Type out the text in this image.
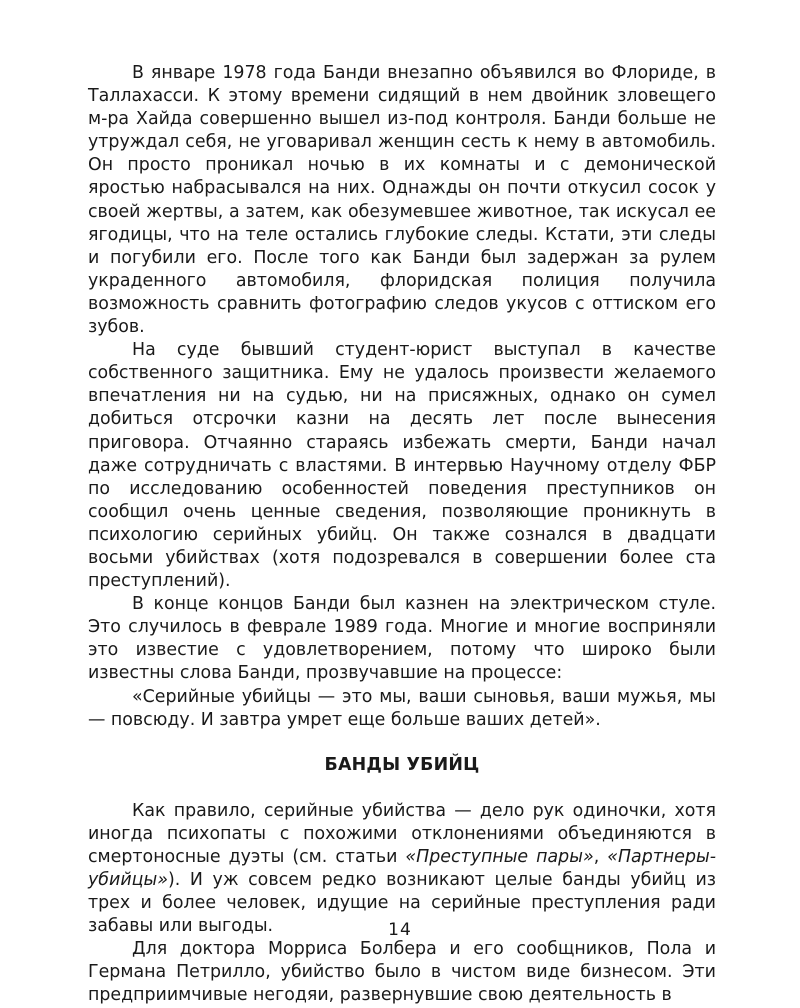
В январе 1978 года Банди внезапно объявился во Флориде, в Таллахасси. К этому времени сидящий в нем двойник зловещего м-ра Хайда совершенно вышел из-под контроля. Банди больше не утруждал себя, не уговаривал женщин сесть к нему в автомобиль. Он просто проникал ночью в их комнаты и с демонической яростью набрасывался на них. Однажды он почти откусил сосок у своей жертвы, а затем, как обезумевшее животное, так искусал ее ягодицы, что на теле остались глубокие следы. Кстати, эти следы и погубили его. После того как Банди был задержан за рулем украденного автомобиля, флоридская полиция получила возможность сравнить фотографию следов укусов с оттиском его зубов.

На суде бывший студент-юрист выступал в качестве собственного защитника. Ему не удалось произвести желаемого впечатления ни на судью, ни на присяжных, однако он сумел добиться отсрочки казни на десять лет после вынесения приговора. Отчаянно стараясь избежать смерти, Банди начал даже сотрудничать с властями. В интервью Научному отделу ФБР по исследованию особенностей поведения преступников он сообщил очень ценные сведения, позволяющие проникнуть в психологию серийных убийц. Он также сознался в двадцати восьми убийствах (хотя подозревался в совершении более ста преступлений).

В конце концов Банди был казнен на электрическом стуле. Это случилось в феврале 1989 года. Многие и многие восприняли это известие с удовлетворением, потому что широко были известны слова Банди, прозвучавшие на процессе:

«Серийные убийцы — это мы, ваши сыновья, ваши мужья, мы — повсюду. И завтра умрет еще больше ваших детей».

БАНДЫ УБИЙЦ

Как правило, серийные убийства — дело рук одиночки, хотя иногда психопаты с похожими отклонениями объединяются в смертоносные дуэты (см. статьи «Преступные пары», «Партнеры-убийцы»). И уж совсем редко возникают целые банды убийц из трех и более человек, идущие на серийные преступления ради забавы или выгоды.

Для доктора Морриса Болбера и его сообщников, Пола и Германа Петрилло, убийство было в чистом виде бизнесом. Эти предприимчивые негодяи, развернувшие свою деятельность в

14
